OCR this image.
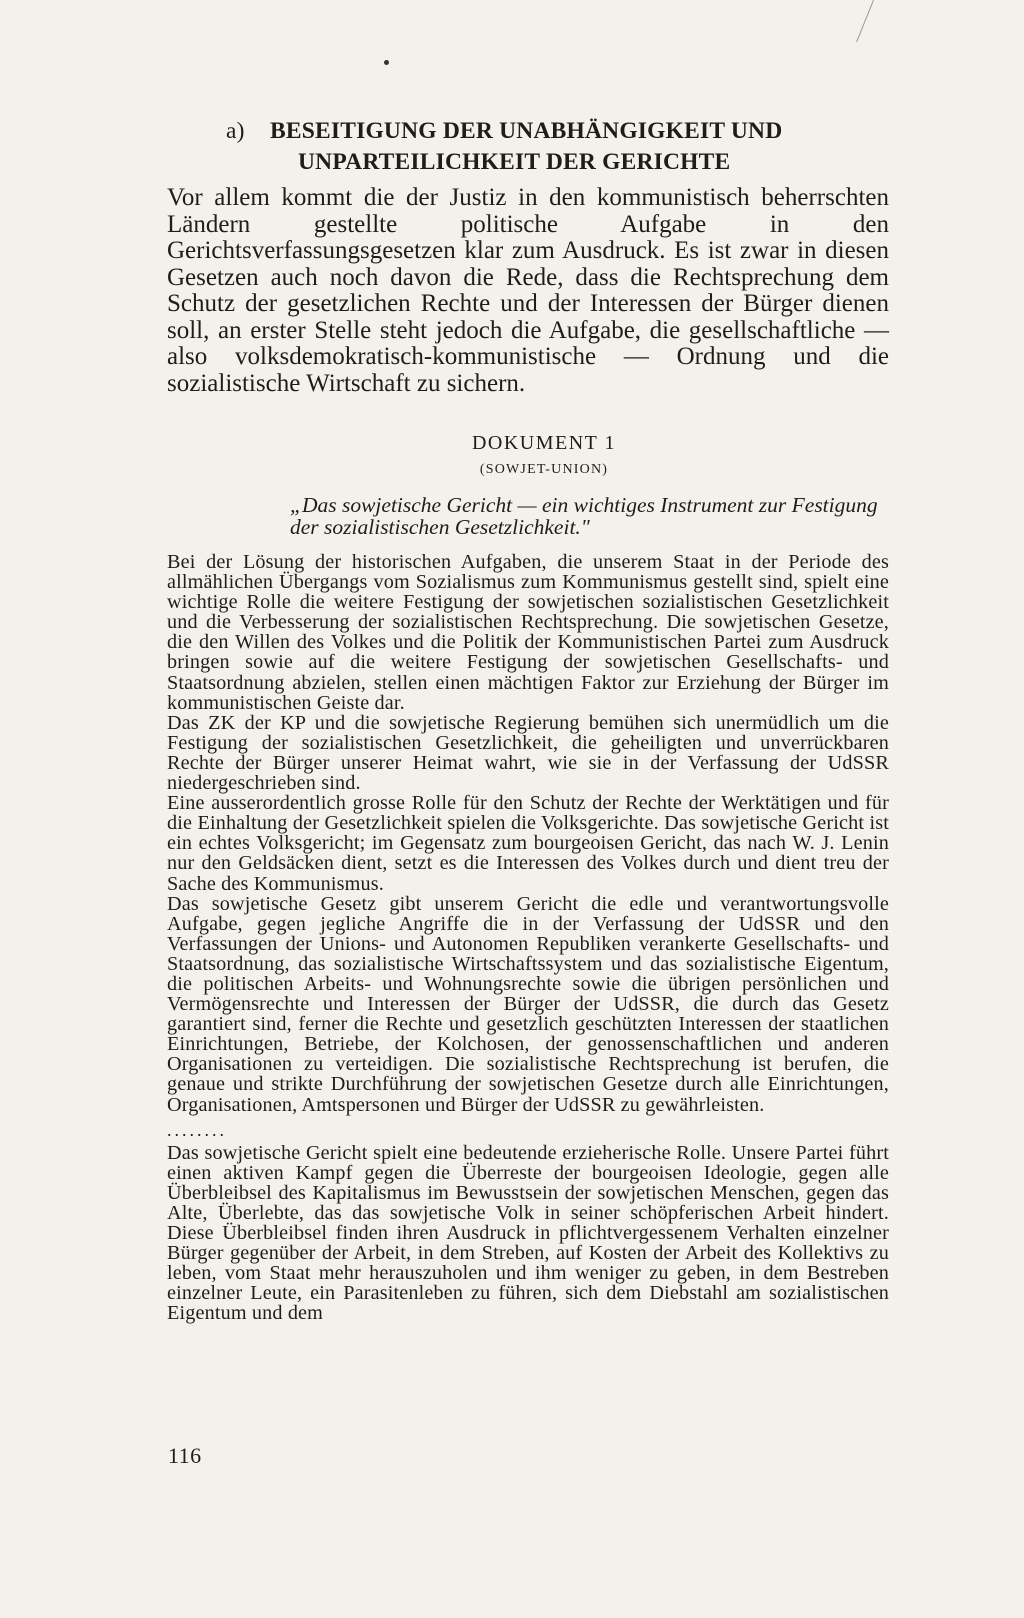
a) BESEITIGUNG DER UNABHÄNGIGKEIT UND
UNPARTEILICHKEIT DER GERICHTE

Vor allem kommt die der Justiz in den kommunistisch beherrschten Ländern gestellte politische Aufgabe in den Gerichtsverfassungsgesetzen klar zum Ausdruck. Es ist zwar in diesen Gesetzen auch noch davon die Rede, dass die Rechtsprechung dem Schutz der gesetzlichen Rechte und der Interessen der Bürger dienen soll, an erster Stelle steht jedoch die Aufgabe, die gesellschaftliche — also volksdemokratisch-kommunistische — Ordnung und die sozialistische Wirtschaft zu sichern.

DOKUMENT 1
(SOWJET-UNION)
„Das sowjetische Gericht — ein wichtiges Instrument zur Festigung der sozialistischen Gesetzlichkeit."

Bei der Lösung der historischen Aufgaben, die unserem Staat in der Periode des allmählichen Übergangs vom Sozialismus zum Kommunismus gestellt sind, spielt eine wichtige Rolle die weitere Festigung der sowjetischen sozialistischen Gesetzlichkeit und die Verbesserung der sozialistischen Rechtsprechung. Die sowjetischen Gesetze, die den Willen des Volkes und die Politik der Kommunistischen Partei zum Ausdruck bringen sowie auf die weitere Festigung der sowjetischen Gesellschafts- und Staatsordnung abzielen, stellen einen mächtigen Faktor zur Erziehung der Bürger im kommunistischen Geiste dar.

Das ZK der KP und die sowjetische Regierung bemühen sich unermüdlich um die Festigung der sozialistischen Gesetzlichkeit, die geheiligten und unverrückbaren Rechte der Bürger unserer Heimat wahrt, wie sie in der Verfassung der UdSSR niedergeschrieben sind.

Eine ausserordentlich grosse Rolle für den Schutz der Rechte der Werktätigen und für die Einhaltung der Gesetzlichkeit spielen die Volksgerichte. Das sowjetische Gericht ist ein echtes Volksgericht; im Gegensatz zum bourgeoisen Gericht, das nach W. J. Lenin nur den Geldsäcken dient, setzt es die Interessen des Volkes durch und dient treu der Sache des Kommunismus.

Das sowjetische Gesetz gibt unserem Gericht die edle und verantwortungsvolle Aufgabe, gegen jegliche Angriffe die in der Verfassung der UdSSR und den Verfassungen der Unions- und Autonomen Republiken verankerte Gesellschafts- und Staatsordnung, das sozialistische Wirtschaftssystem und das sozialistische Eigentum, die politischen Arbeits- und Wohnungsrechte sowie die übrigen persönlichen und Vermögensrechte und Interessen der Bürger der UdSSR, die durch das Gesetz garantiert sind, ferner die Rechte und gesetzlich geschützten Interessen der staatlichen Einrichtungen, Betriebe, der Kolchosen, der genossenschaftlichen und anderen Organisationen zu verteidigen. Die sozialistische Rechtsprechung ist berufen, die genaue und strikte Durchführung der sowjetischen Gesetze durch alle Einrichtungen, Organisationen, Amtspersonen und Bürger der UdSSR zu gewährleisten.

........

Das sowjetische Gericht spielt eine bedeutende erzieherische Rolle. Unsere Partei führt einen aktiven Kampf gegen die Überreste der bourgeoisen Ideologie, gegen alle Überbleibsel des Kapitalismus im Bewusstsein der sowjetischen Menschen, gegen das Alte, Überlebte, das das sowjetische Volk in seiner schöpferischen Arbeit hindert. Diese Überbleibsel finden ihren Ausdruck in pflichtvergessenem Verhalten einzelner Bürger gegenüber der Arbeit, in dem Streben, auf Kosten der Arbeit des Kollektivs zu leben, vom Staat mehr herauszuholen und ihm weniger zu geben, in dem Bestreben einzelner Leute, ein Parasitenleben zu führen, sich dem Diebstahl am sozialistischen Eigentum und dem

116
